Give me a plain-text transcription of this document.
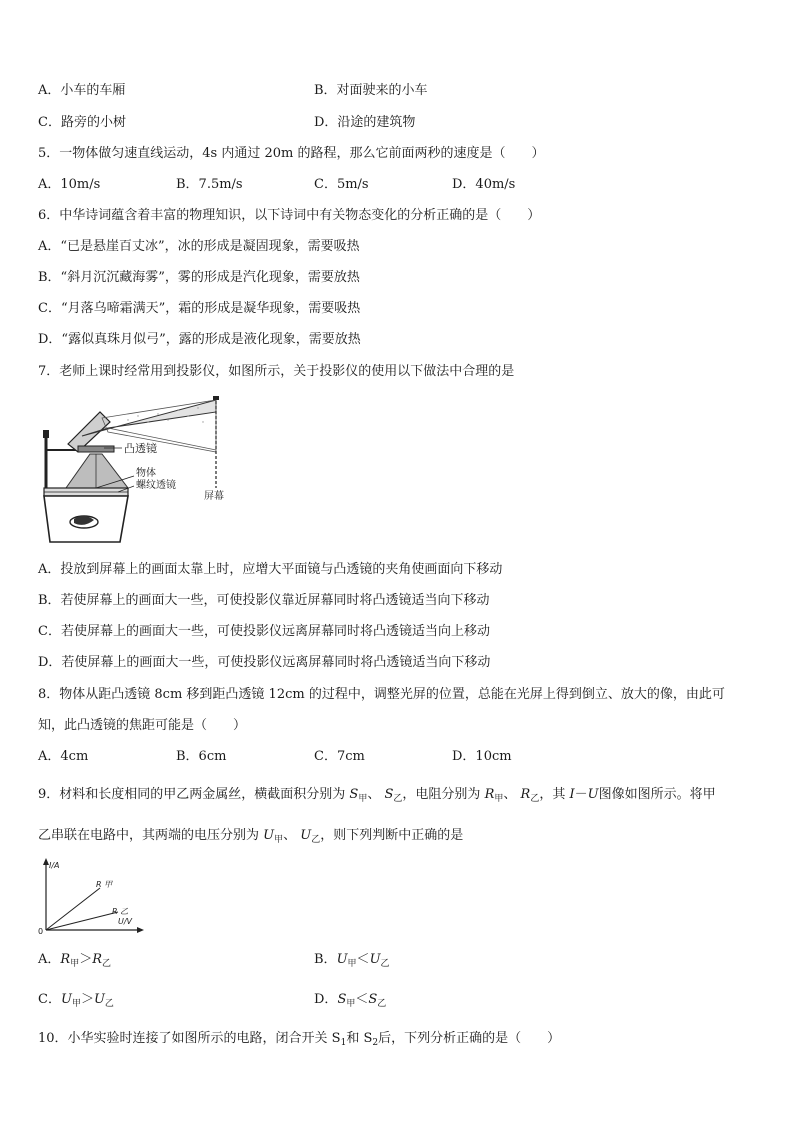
A．小车的车厢	B．对面驶来的小车
C．路旁的小树	D．沿途的建筑物
5．一物体做匀速直线运动，4s 内通过 20m 的路程，那么它前面两秒的速度是（　　）
A．10m/s	B．7.5m/s	C．5m/s	D．40m/s
6．中华诗词蕴含着丰富的物理知识，以下诗词中有关物态变化的分析正确的是（　　）
A．“已是悬崖百丈冰”，冰的形成是凝固现象，需要吸热
B．“斜月沉沉藏海雾”，雾的形成是汽化现象，需要放热
C．“月落乌啼霜满天”，霜的形成是凝华现象，需要吸热
D．“露似真珠月似弓”，露的形成是液化现象，需要放热
7．老师上课时经常用到投影仪，如图所示，关于投影仪的使用以下做法中合理的是
凸透镜
物体
螺纹透镜
屏幕
A．投放到屏幕上的画面太靠上时，应增大平面镜与凸透镜的夹角使画面向下移动
B．若使屏幕上的画面大一些，可使投影仪靠近屏幕同时将凸透镜适当向下移动
C．若使屏幕上的画面大一些，可使投影仪远离屏幕同时将凸透镜适当向上移动
D．若使屏幕上的画面大一些，可使投影仪远离屏幕同时将凸透镜适当向下移动
8．物体从距凸透镜 8cm 移到距凸透镜 12cm 的过程中，调整光屏的位置，总能在光屏上得到倒立、放大的像，由此可
知，此凸透镜的焦距可能是（　　）
A．4cm	B．6cm	C．7cm	D．10cm
9．材料和长度相同的甲乙两金属丝，横截面积分别为 $S_甲$、 $S_乙$，电阻分别为 $R_甲$、 $R_乙$，其 I－U图像如图所示。将甲
乙串联在电路中，其两端的电压分别为 $U_甲$、 $U_乙$，则下列判断中正确的是
I/A
0
R 甲
R 乙
U/V
A．$R_甲>R_乙$	B．$U_甲<U_乙$
C．$U_甲>U_乙$	D．$S_甲<S_乙$
10．小华实验时连接了如图所示的电路，闭合开关 $S_1$和 $S_2$后，下列分析正确的是（　　）
